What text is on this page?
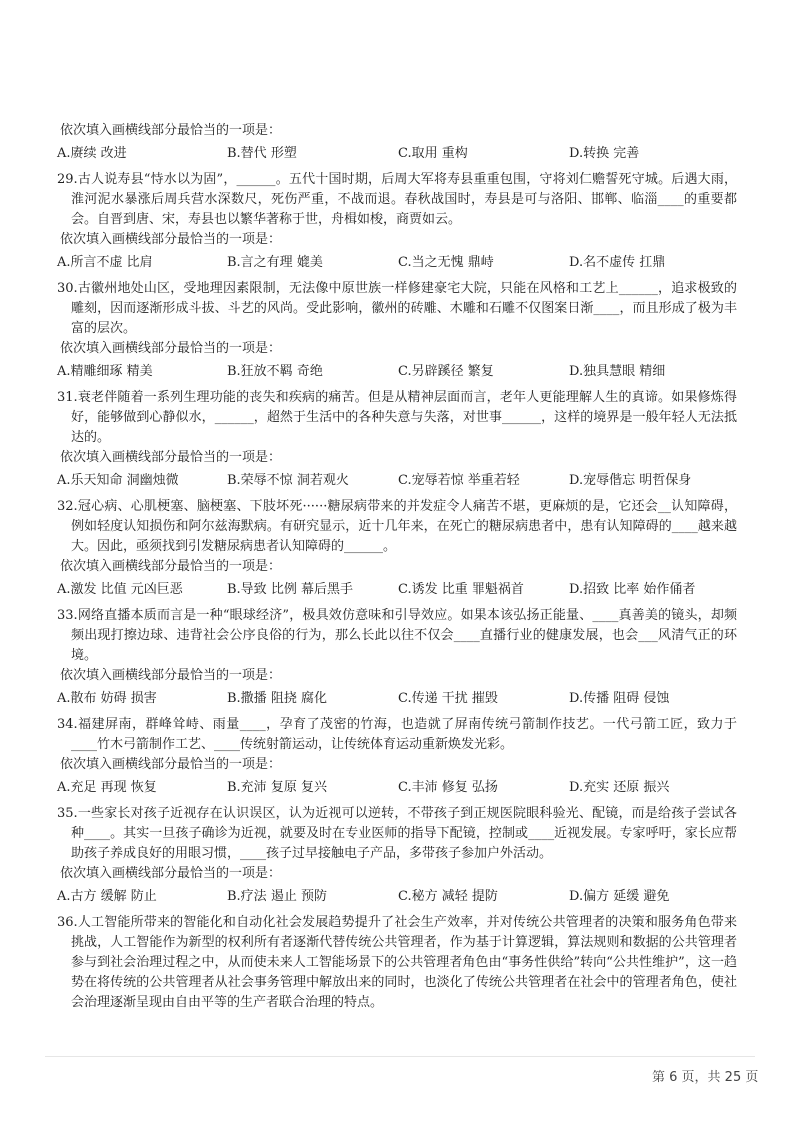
依次填入画横线部分最恰当的一项是：

A.赓续 改进	B.替代 形塑	C.取用 重构	D.转换 完善

29.古人说寿县“恃水以为固”，______。五代十国时期，后周大军将寿县重重包围，守将刘仁赡誓死守城。后遇大雨，淮河泥水暴涨后周兵营水深数尺，死伤严重，不战而退。春秋战国时，寿县是可与洛阳、邯郸、临淄____的重要都会。自晋到唐、宋，寿县也以繁华著称于世，舟楫如梭，商贾如云。

依次填入画横线部分最恰当的一项是：

A.所言不虚 比肩	B.言之有理 媲美	C.当之无愧 鼎峙	D.名不虚传 扛鼎

30.古徽州地处山区，受地理因素限制，无法像中原世族一样修建豪宅大院，只能在风格和工艺上______，追求极致的雕刻，因而逐渐形成斗拔、斗艺的风尚。受此影响，徽州的砖雕、木雕和石雕不仅图案日渐____，而且形成了极为丰富的层次。

依次填入画横线部分最恰当的一项是：

A.精雕细琢 精美	B.狂放不羁 奇绝	C.另辟蹊径 繁复	D.独具慧眼 精细

31.衰老伴随着一系列生理功能的丧失和疾病的痛苦。但是从精神层面而言，老年人更能理解人生的真谛。如果修炼得好，能够做到心静似水，______，超然于生活中的各种失意与失落，对世事______，这样的境界是一般年轻人无法抵达的。

依次填入画横线部分最恰当的一项是：

A.乐天知命 洞幽烛微	B.荣辱不惊 洞若观火	C.宠辱若惊 举重若轻	D.宠辱偕忘 明哲保身

32.冠心病、心肌梗塞、脑梗塞、下肢坏死······糖尿病带来的并发症令人痛苦不堪，更麻烦的是，它还会__认知障碍，例如轻度认知损伤和阿尔兹海默病。有研究显示，近十几年来，在死亡的糖尿病患者中，患有认知障碍的____越来越大。因此，亟须找到引发糖尿病患者认知障碍的______。

依次填入画横线部分最恰当的一项是：

A.激发 比值 元凶巨恶	B.导致 比例 幕后黑手	C.诱发 比重 罪魁祸首	D.招致 比率 始作俑者

33.网络直播本质而言是一种“眼球经济”，极具效仿意味和引导效应。如果本该弘扬正能量、____真善美的镜头，却频频出现打擦边球、违背社会公序良俗的行为，那么长此以往不仅会____直播行业的健康发展，也会___风清气正的环境。

依次填入画横线部分最恰当的一项是：

A.散布 妨碍 损害	B.撒播 阻挠 腐化	C.传递 干扰 摧毁	D.传播 阻碍 侵蚀

34.福建屏南，群峰耸峙、雨量____，孕育了茂密的竹海，也造就了屏南传统弓箭制作技艺。一代弓箭工匠，致力于____竹木弓箭制作工艺、____传统射箭运动，让传统体育运动重新焕发光彩。

依次填入画横线部分最恰当的一项是：

A.充足 再现 恢复	B.充沛 复原 复兴	C.丰沛 修复 弘扬	D.充实 还原 振兴

35.一些家长对孩子近视存在认识误区，认为近视可以逆转，不带孩子到正规医院眼科验光、配镜，而是给孩子尝试各种____。其实一旦孩子确诊为近视，就要及时在专业医师的指导下配镜，控制或____近视发展。专家呼吁，家长应帮助孩子养成良好的用眼习惯，____孩子过早接触电子产品，多带孩子参加户外活动。

依次填入画横线部分最恰当的一项是：

A.古方 缓解 防止	B.疗法 遏止 预防	C.秘方 减轻 提防	D.偏方 延缓 避免

36.人工智能所带来的智能化和自动化社会发展趋势提升了社会生产效率，并对传统公共管理者的决策和服务角色带来挑战，人工智能作为新型的权利所有者逐渐代替传统公共管理者，作为基于计算逻辑，算法规则和数据的公共管理者参与到社会治理过程之中，从而使未来人工智能场景下的公共管理者角色由“事务性供给”转向“公共性维护”，这一趋势在将传统的公共管理者从社会事务管理中解放出来的同时，也淡化了传统公共管理者在社会中的管理者角色，使社会治理逐渐呈现由自由平等的生产者联合治理的特点。

第 6 页，共 25 页
